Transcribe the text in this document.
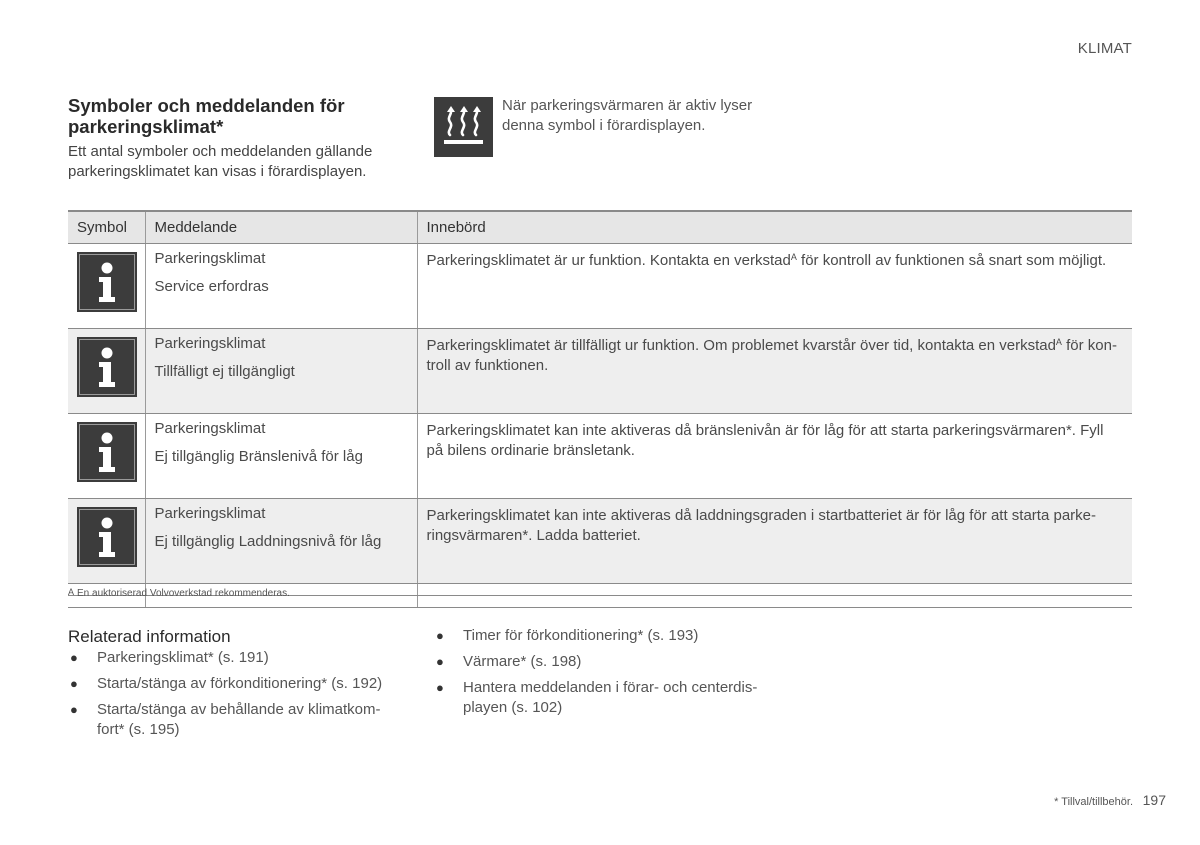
KLIMAT
Symboler och meddelanden för parkeringsklimat*
Ett antal symboler och meddelanden gällande parkeringsklimatet kan visas i förardisplayen.
När parkeringsvärmaren är aktiv lyser denna symbol i förardisplayen.
Symbol	Meddelande	Innebörd

Parkeringsklimat
Service erfordras	Parkeringsklimatet är ur funktion. Kontakta en verkstad$^A$ för kontroll av funktionen så snart som möjligt.

Parkeringsklimat
Tillfälligt ej tillgängligt	Parkeringsklimatet är tillfälligt ur funktion. Om problemet kvarstår över tid, kontakta en verkstad$^A$ för kon-troll av funktionen.

Parkeringsklimat
Ej tillgänglig Bränslenivå för låg	Parkeringsklimatet kan inte aktiveras då bränslenivån är för låg för att starta parkeringsvärmaren*. Fyll på bilens ordinarie bränsletank.

Parkeringsklimat
Ej tillgänglig Laddningsnivå för låg	Parkeringsklimatet kan inte aktiveras då laddningsgraden i startbatteriet är för låg för att starta parke-ringsvärmaren*. Ladda batteriet.

$^A$ En auktoriserad Volvoverkstad rekommenderas.
Relaterad information
● Parkeringsklimat* (s. 191)
● Starta/stänga av förkonditionering* (s. 192)
● Starta/stänga av behållande av klimatkom-fort* (s. 195)
● Timer för förkonditionering* (s. 193)
● Värmare* (s. 198)
● Hantera meddelanden i förar- och centerdis-playen (s. 102)
* Tillval/tillbehör. 197
